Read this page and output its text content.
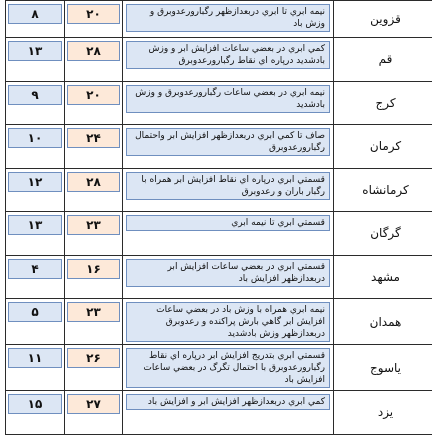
قزوین	نیمه ابري تا ابري دربعدازظهر رگبارورعدوبرق و وزش باد	۲۰	۸	

قم	کمي ابري در بعضي ساعات افزایش ابر و وزش بادشدید درپاره اي نقاط رگبارورعدوبرق	۲۸	۱۳	

کرج	نیمه ابري در بعضي ساعات رگبارورعدوبرق و وزش بادشدید	۲۰	۹	

کرمان	صاف تا کمي ابري دربعدازظهر افزایش ابر واحتمال رگبارورعدوبرق	۲۴	۱۰	

کرمانشاه	قسمتي ابري درپاره اي نقاط افزایش ابر همراه با رگبار باران و رعدوبرق	۲۸	۱۲	

گرگان	قسمتي ابري تا نیمه ابري	۲۳	۱۳	

مشهد	قسمتي ابري در بعضي ساعات افزایش ابر دربعدازظهر افزایش باد	۱۶	۴	

همدان	نیمه ابري همراه با وزش باد در بعضي ساعات افزایش ابر گاهي بارش پراکنده و رعدوبرق دربعدازظهر وزش بادشدید	۲۳	۵	

یاسوج	قسمتي ابري بتدریج افزایش ابر درپاره اي نقاط رگبارورعدوبرق با احتمال تگرگ در بعضي ساعات افزایش باد	۲۶	۱۱	

یزد	کمي ابري دربعدازظهر افزایش ابر و افزایش باد	۲۷	۱۵	
